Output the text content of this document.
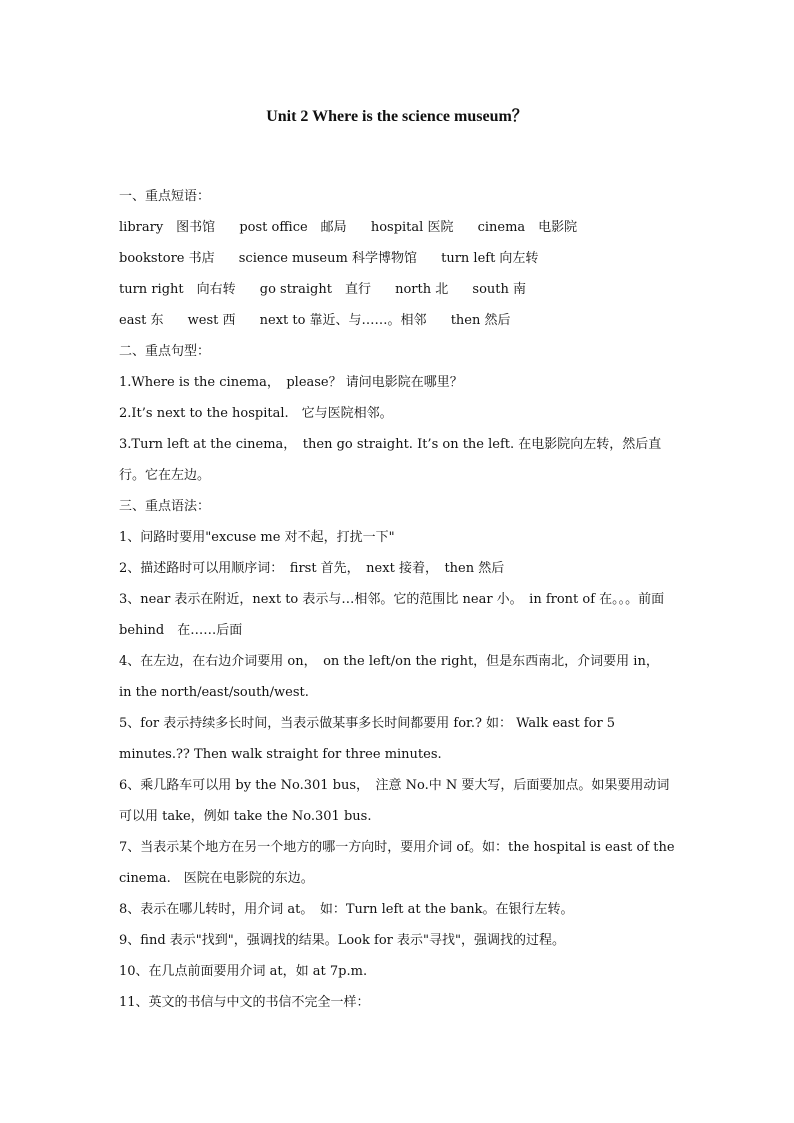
Unit 2 Where is the science museum？

一、重点短语：

library　图书馆 post office　邮局 hospital 医院 cinema　电影院

bookstore 书店 science museum 科学博物馆 turn left 向左转

turn right　向右转 go straight　直行 north 北 south 南

east 东 west 西 next to 靠近、与……。相邻 then 然后

二、重点句型：

1.Where is the cinema，　please？ 请问电影院在哪里？

2.It’s next to the hospital.　它与医院相邻。

3.Turn left at the cinema，　then go straight. It’s on the left. 在电影院向左转，然后直行。它在左边。

三、重点语法：

1、问路时要用"excuse me 对不起，打扰一下"

2、描述路时可以用顺序词：　first 首先，　next 接着，　then 然后

3、near 表示在附近，next to 表示与…相邻。它的范围比 near 小。　in front of 在。。。前面　 behind　在……后面

4、在左边，在右边介词要用 on，　on the left/on the right，但是东西南北，介词要用 in，　in the north/east/south/west.

5、for 表示持续多长时间，当表示做某事多长时间都要用 for.? 如： Walk east for 5 minutes.?? Then walk straight for three minutes.

6、乘几路车可以用 by the No.301 bus，　注意 No.中 N 要大写，后面要加点。如果要用动词可以用 take，例如 take the No.301 bus.

7、当表示某个地方在另一个地方的哪一方向时，要用介词 of。如：the hospital is east of the cinema.　医院在电影院的东边。

8、表示在哪儿转时，用介词 at。　如：Turn left at the bank。在银行左转。

9、find 表示"找到"，强调找的结果。Look for 表示"寻找"，强调找的过程。

10、在几点前面要用介词 at，如 at 7p.m.

11、英文的书信与中文的书信不完全一样：
